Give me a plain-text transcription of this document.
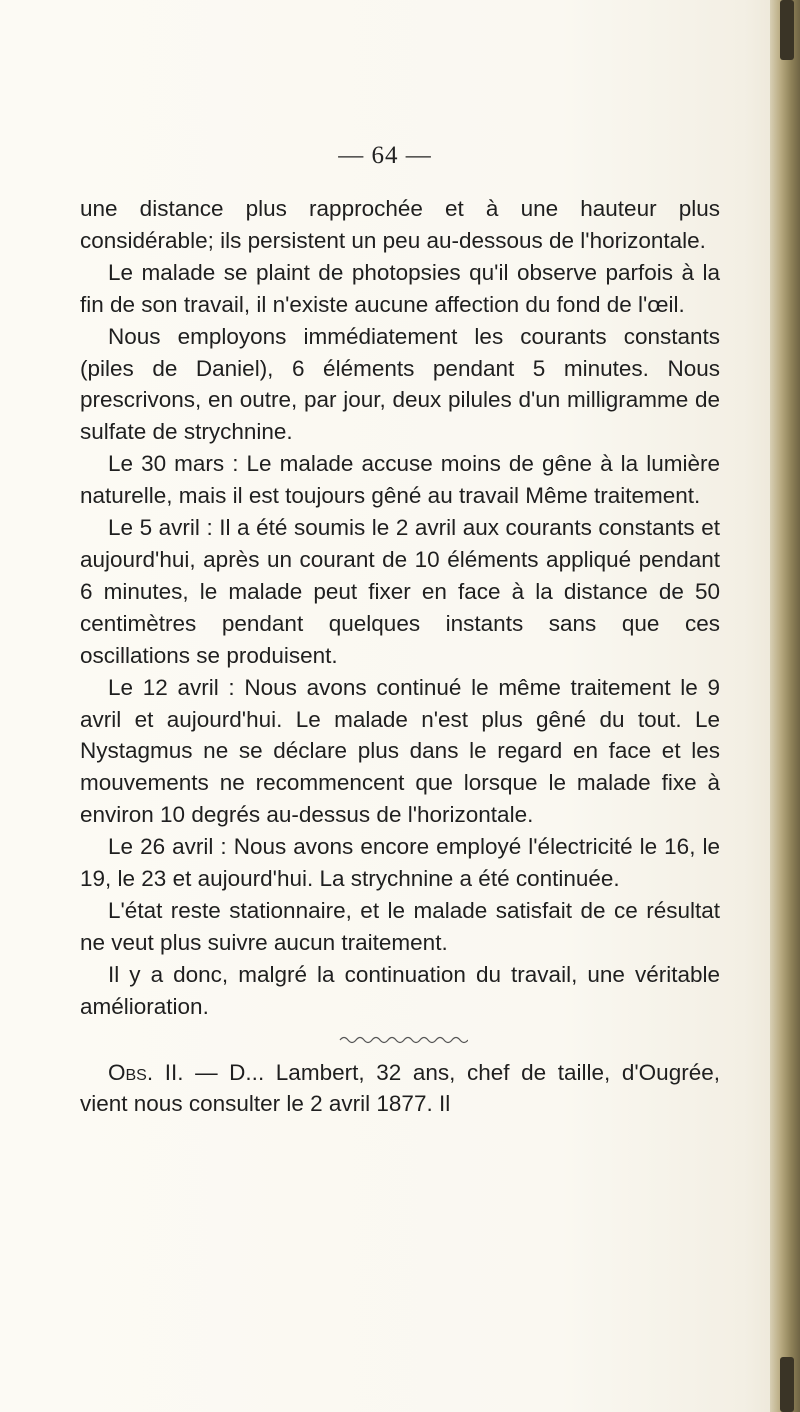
— 64 —

une distance plus rapprochée et à une hauteur plus considérable; ils persistent un peu au-dessous de l'horizontale.

Le malade se plaint de photopsies qu'il observe parfois à la fin de son travail, il n'existe aucune affection du fond de l'œil.

Nous employons immédiatement les courants constants (piles de Daniel), 6 éléments pendant 5 minutes. Nous prescrivons, en outre, par jour, deux pilules d'un milligramme de sulfate de strychnine.

Le 30 mars : Le malade accuse moins de gêne à la lumière naturelle, mais il est toujours gêné au travail Même traitement.

Le 5 avril : Il a été soumis le 2 avril aux courants constants et aujourd'hui, après un courant de 10 éléments appliqué pendant 6 minutes, le malade peut fixer en face à la distance de 50 centimètres pendant quelques instants sans que ces oscillations se produisent.

Le 12 avril : Nous avons continué le même traitement le 9 avril et aujourd'hui. Le malade n'est plus gêné du tout. Le Nystagmus ne se déclare plus dans le regard en face et les mouvements ne recommencent que lorsque le malade fixe à environ 10 degrés au-dessus de l'horizontale.

Le 26 avril : Nous avons encore employé l'électricité le 16, le 19, le 23 et aujourd'hui. La strychnine a été continuée.

L'état reste stationnaire, et le malade satisfait de ce résultat ne veut plus suivre aucun traitement.

Il y a donc, malgré la continuation du travail, une véritable amélioration.

Obs. II. — D... Lambert, 32 ans, chef de taille, d'Ougrée, vient nous consulter le 2 avril 1877. Il
